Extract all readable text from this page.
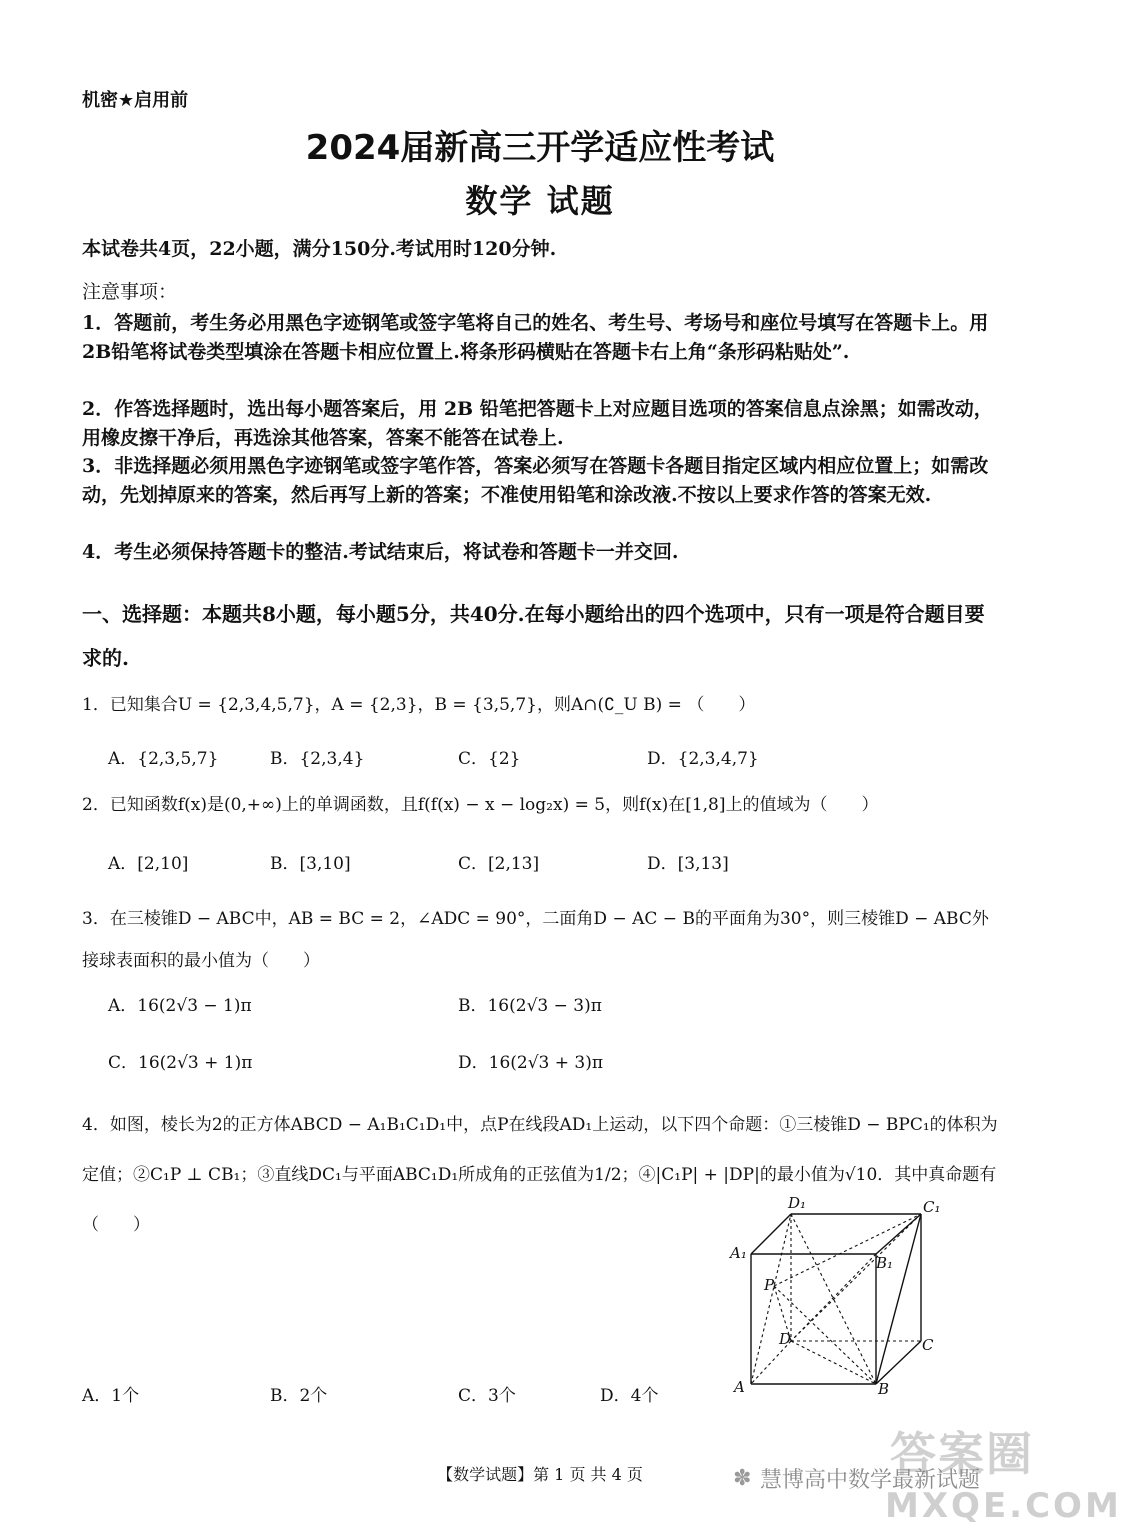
机密★启用前
2024届新高三开学适应性考试
数学 试题
本试卷共4页，22小题，满分150分.考试用时120分钟.
注意事项：
1．答题前，考生务必用黑色字迹钢笔或签字笔将自己的姓名、考生号、考场号和座位号填写在答题卡上。用2B铅笔将试卷类型填涂在答题卡相应位置上.将条形码横贴在答题卡右上角“条形码粘贴处”.
2．作答选择题时，选出每小题答案后，用 2B 铅笔把答题卡上对应题目选项的答案信息点涂黑；如需改动，用橡皮擦干净后，再选涂其他答案，答案不能答在试卷上.
3．非选择题必须用黑色字迹钢笔或签字笔作答，答案必须写在答题卡各题目指定区域内相应位置上；如需改动，先划掉原来的答案，然后再写上新的答案；不准使用铅笔和涂改液.不按以上要求作答的答案无效.
4．考生必须保持答题卡的整洁.考试结束后，将试卷和答题卡一并交回.
一、选择题：本题共8小题，每小题5分，共40分.在每小题给出的四个选项中，只有一项是符合题目要求的.
1．已知集合U = {2,3,4,5,7}，A = {2,3}，B = {3,5,7}，则A∩(∁_U B) = （　　）
A．{2,3,5,7}	B．{2,3,4}	C．{2}	D．{2,3,4,7}
2．已知函数f(x)是(0,+∞)上的单调函数，且f(f(x) − x − log₂x) = 5，则f(x)在[1,8]上的值域为（　　）
A．[2,10]	B．[3,10]	C．[2,13]	D．[3,13]
3．在三棱锥D − ABC中，AB = BC = 2，∠ADC = 90°，二面角D − AC − B的平面角为30°，则三棱锥D − ABC外接球表面积的最小值为（　　）
A．16(2√3 − 1)π	B．16(2√3 − 3)π
C．16(2√3 + 1)π	D．16(2√3 + 3)π
4．如图，棱长为2的正方体ABCD − A₁B₁C₁D₁中，点P在线段AD₁上运动，以下四个命题：①三棱锥D − BPC₁的体积为定值；②C₁P ⊥ CB₁；③直线DC₁与平面ABC₁D₁所成角的正弦值为1/2；④|C₁P| + |DP|的最小值为√10．其中真命题有（　　）
A．1个	B．2个	C．3个	D．4个
D₁	C₁
A₁
B₁
P
D	C
A	B
【数学试题】第 1 页 共 4 页	答案圈
✽ 慧博高中数学最新试题
MXQE.COM
